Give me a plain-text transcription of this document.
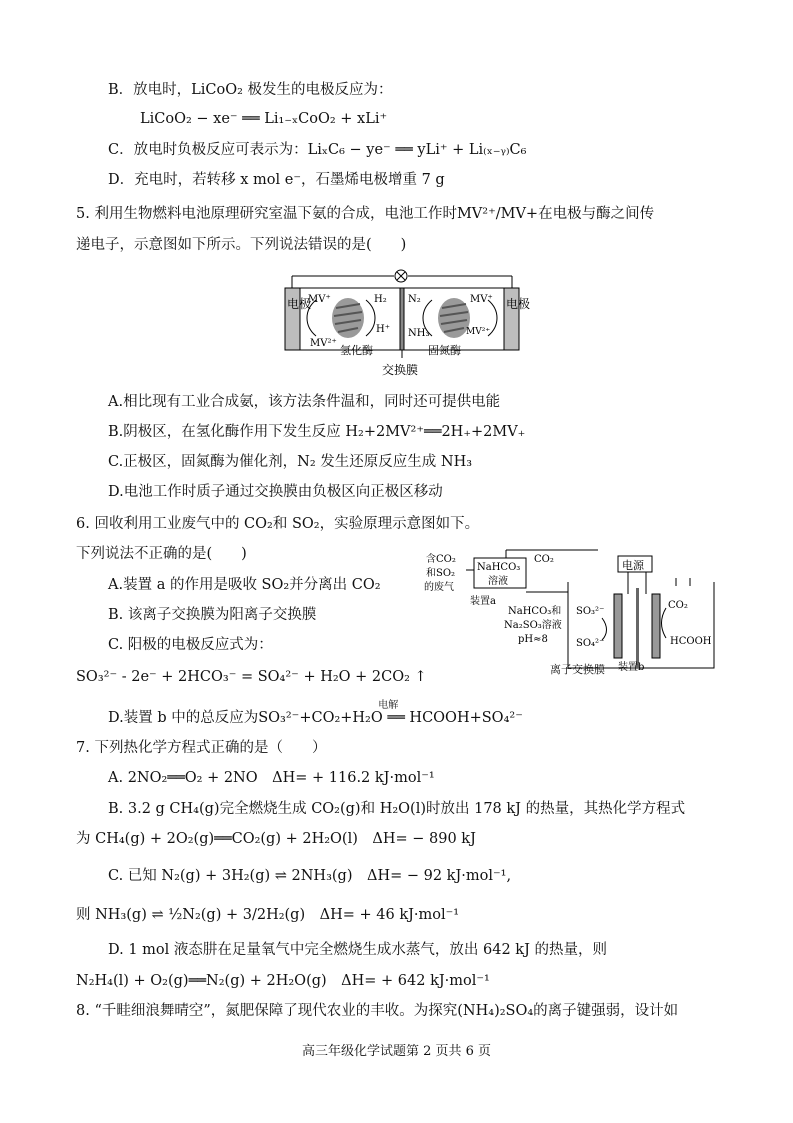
B．放电时，LiCoO₂ 极发生的电极反应为：
LiCoO₂ − xe⁻ ══ Li₁₋ₓCoO₂ + xLi⁺
C．放电时负极反应可表示为：LiₓC₆ − ye⁻ ══ yLi⁺ + Li₍ₓ₋ᵧ₎C₆
D．充电时，若转移 x mol e⁻，石墨烯电极增重 7 g
5. 利用生物燃料电池原理研究室温下氨的合成，电池工作时MV²⁺/MV+在电极与酶之间传
递电子，示意图如下所示。下列说法错误的是(　　)
电极	电极
MV⁺
MV²⁺
H₂
H⁺
氢化酶
N₂
NH₃
MV⁺
MV²⁺
固氮酶
交换膜
A.相比现有工业合成氨，该方法条件温和，同时还可提供电能
B.阴极区，在氢化酶作用下发生反应 H₂+2MV²⁺══2H₊+2MV₊
C.正极区，固氮酶为催化剂，N₂ 发生还原反应生成 NH₃
D.电池工作时质子通过交换膜由负极区向正极区移动
6. 回收利用工业废气中的 CO₂和 SO₂，实验原理示意图如下。
下列说法不正确的是(　　)
A.装置 a 的作用是吸收 SO₂并分离出 CO₂
B. 该离子交换膜为阳离子交换膜
C. 阳极的电极反应式为：
SO₃²⁻ - 2e⁻ + 2HCO₃⁻ = SO₄²⁻ + H₂O + 2CO₂ ↑
D.装置 b 中的总反应为
电解
SO₃²⁻+CO₂+H₂O ══ HCOOH+SO₄²⁻
NaHCO₃
溶液
含CO₂
和SO₂
的废气
装置a
CO₂	电源
SO₃²⁻
SO₄²⁻
CO₂
HCOOH
NaHCO₃和
Na₂SO₃溶液
pH≈8
装置b
离子交换膜
7. 下列热化学方程式正确的是（　　）
A. 2NO₂══O₂ + 2NO　ΔH= + 116.2 kJ·mol⁻¹
B. 3.2 g CH₄(g)完全燃烧生成 CO₂(g)和 H₂O(l)时放出 178 kJ 的热量，其热化学方程式
为 CH₄(g) + 2O₂(g)══CO₂(g) + 2H₂O(l)　ΔH= − 890 kJ
C. 已知 N₂(g) + 3H₂(g) ⇌ 2NH₃(g)　ΔH= − 92 kJ·mol⁻¹,
则 NH₃(g) ⇌ ½N₂(g) + 3/2H₂(g)　ΔH= + 46 kJ·mol⁻¹
D. 1 mol 液态肼在足量氧气中完全燃烧生成水蒸气，放出 642 kJ 的热量，则
N₂H₄(l) + O₂(g)══N₂(g) + 2H₂O(g)　ΔH= + 642 kJ·mol⁻¹
8. “千畦细浪舞晴空”，氮肥保障了现代农业的丰收。为探究(NH₄)₂SO₄的离子键强弱，设计如
高三年级化学试题第 2 页共 6 页
